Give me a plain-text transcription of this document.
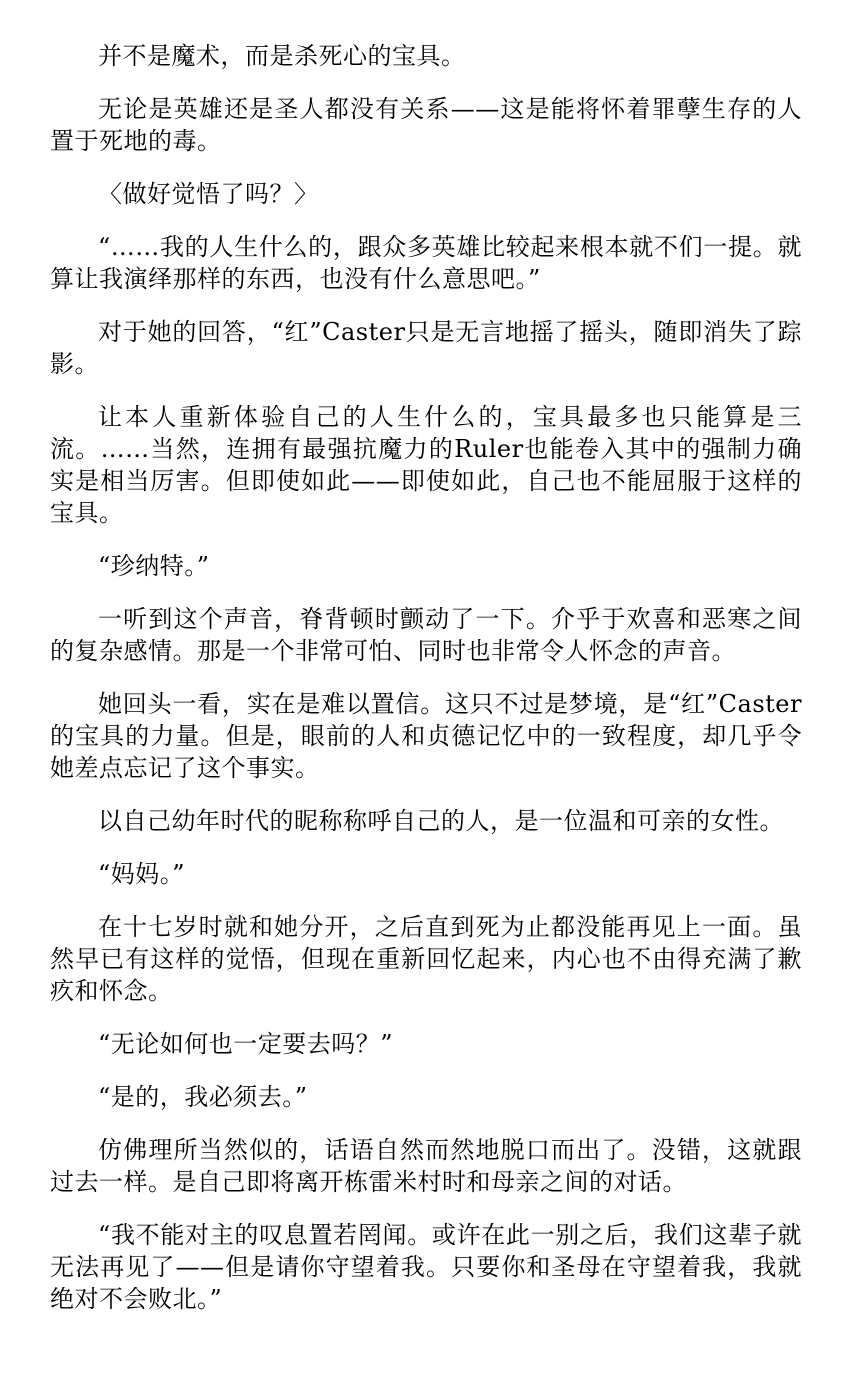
并不是魔术，而是杀死心的宝具。

无论是英雄还是圣人都没有关系——这是能将怀着罪孽生存的人置于死地的毒。

〈做好觉悟了吗？〉

“……我的人生什么的，跟众多英雄比较起来根本就不们一提。就算让我演绎那样的东西，也没有什么意思吧。”

对于她的回答，“红”Caster只是无言地摇了摇头，随即消失了踪影。

让本人重新体验自己的人生什么的，宝具最多也只能算是三流。……当然，连拥有最强抗魔力的Ruler也能卷入其中的强制力确实是相当厉害。但即使如此——即使如此，自己也不能屈服于这样的宝具。

“珍纳特。”

一听到这个声音，脊背顿时颤动了一下。介乎于欢喜和恶寒之间的复杂感情。那是一个非常可怕、同时也非常令人怀念的声音。

她回头一看，实在是难以置信。这只不过是梦境，是“红”Caster的宝具的力量。但是，眼前的人和贞德记忆中的一致程度，却几乎令她差点忘记了这个事实。

以自己幼年时代的昵称称呼自己的人，是一位温和可亲的女性。

“妈妈。”

在十七岁时就和她分开，之后直到死为止都没能再见上一面。虽然早已有这样的觉悟，但现在重新回忆起来，内心也不由得充满了歉疚和怀念。

“无论如何也一定要去吗？”

“是的，我必须去。”

仿佛理所当然似的，话语自然而然地脱口而出了。没错，这就跟过去一样。是自己即将离开栋雷米村时和母亲之间的对话。

“我不能对主的叹息置若罔闻。或许在此一别之后，我们这辈子就无法再见了——但是请你守望着我。只要你和圣母在守望着我，我就绝对不会败北。”
